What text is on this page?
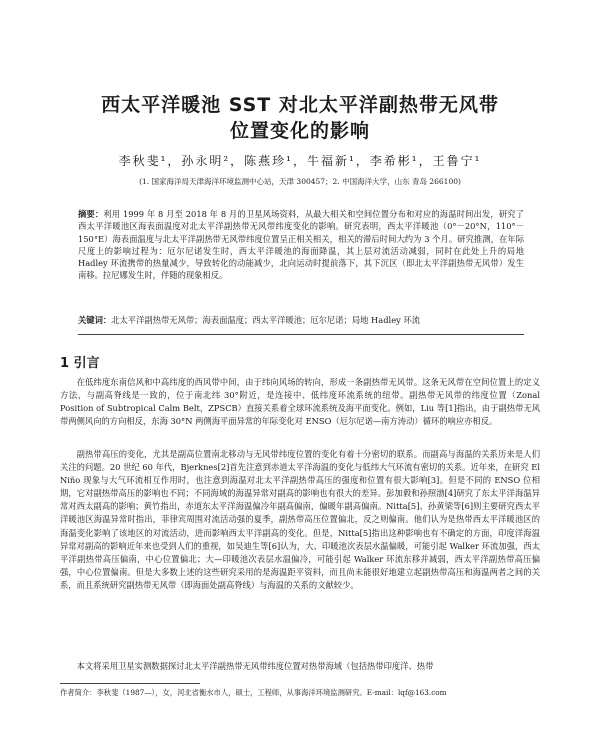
西太平洋暖池 SST 对北太平洋副热带无风带
位置变化的影响
李秋斐¹，孙永明²，陈燕珍¹，牛福新¹，李希彬¹，王鲁宁¹
(1. 国家海洋局天津海洋环境监测中心站，天津 300457；2. 中国海洋大学，山东 青岛 266100)
摘要：利用 1999 年 8 月至 2018 年 8 月的卫星风场资料，从最大相关和空间位置分布和对应的海温时间出发，研究了西太平洋暖池区海表面温度对北太平洋副热带无风带纬度变化的影响。研究表明，西太平洋暖池（0°－20°N，110°－150°E）海表面温度与北太平洋副热带无风带纬度位置呈正相关相关，相关的滞后时间大约为 3 个月。研究推测，在年际尺度上的影响过程为：厄尔尼诺发生时，西太平洋暖池的海面降温，其上层对流活动减弱，同时在此处上升的局地 Hadley 环流携带的热量减少，导致转化的动能减少，北向运动时提前落下，其下沉区（即北太平洋副热带无风带）发生南移。拉尼娜发生时，伴随的现象相反。
关键词：北太平洋副热带无风带；海表面温度；西太平洋暖池；厄尔尼诺；局地 Hadley 环流
1 引言

在低纬度东南信风和中高纬度的西风带中间，由于纬向风场的转向，形成一条副热带无风带。这条无风带在空间位置上的定义方法，与副高脊线是一致的，位于南北纬 30°附近，是连接中、低纬度环流系统的纽带。副热带无风带的纬度位置（Zonal Position of Subtropical Calm Belt，ZPSCB）直接关系着全球环流系统及海平面变化。例如，Liu 等[1]指出，由于副热带无风带两侧风向的方向相反，东海 30°N 两侧海平面异常的年际变化对 ENSO（厄尔尼诺—南方涛动）循环的响应亦相反。

副热带高压的变化，尤其是副高位置南北移动与无风带纬度位置的变化有着十分密切的联系。而副高与海温的关系历来是人们关注的问题。20 世纪 60 年代，Bjerknes[2]首先注意到赤道太平洋海温的变化与低纬大气环流有密切的关系。近年来，在研究 El Niño 现象与大气环流相互作用时，也注意到海温对北太平洋副热带高压的强度和位置有很大影响[3]。但是不同的 ENSO 位相期，它对副热带高压的影响也不同；不同海域的海温异常对副高的影响也有很大的差异。彭加毅和孙照渤[4]研究了东太平洋海温异常对西太副高的影响；黄竹指出，赤道东太平洋海温偏冷年副高偏南，偏暖年副高偏南。Nitta[5]、孙黄梁等[6]则主要研究西太平洋暖池区海温异常时指出，菲律宾周围对流活动强的夏季，副热带高压位置偏北，反之则偏南。他们认为是热带西太平洋暖池区的海温变化影响了该地区的对流活动，进而影响西太平洋副高的变化。但是，Nitta[5]指出这种影响也有不确定的方面，印度洋海温异常对副高的影响近年来也受到人们的重视，如吴迪生等[6]认为，大、印暖池次表层水温偏暖，可能引起 Walker 环流加强，西太平洋副热带高压偏南，中心位置偏北；大—印暖池次表层水温偏冷，可能引起 Walker 环流东移并减弱，西太平洋副热带高压偏强，中心位置偏南。但是大多数上述的这些研究采用的是海温距平资料，而且尚未能很好地建立起副热带高压和海温两者之间的关系，而且系统研究副热带无风带（即海面处副高脊线）与海温的关系的文献较少。

本文将采用卫星实测数据探讨北太平洋副热带无风带纬度位置对热带海域（包括热带印度洋、热带

作者简介：李秋斐（1987—），女，河北省衡水市人，硕士，工程师，从事海洋环境监测研究。E-mail：lqf@163.com
